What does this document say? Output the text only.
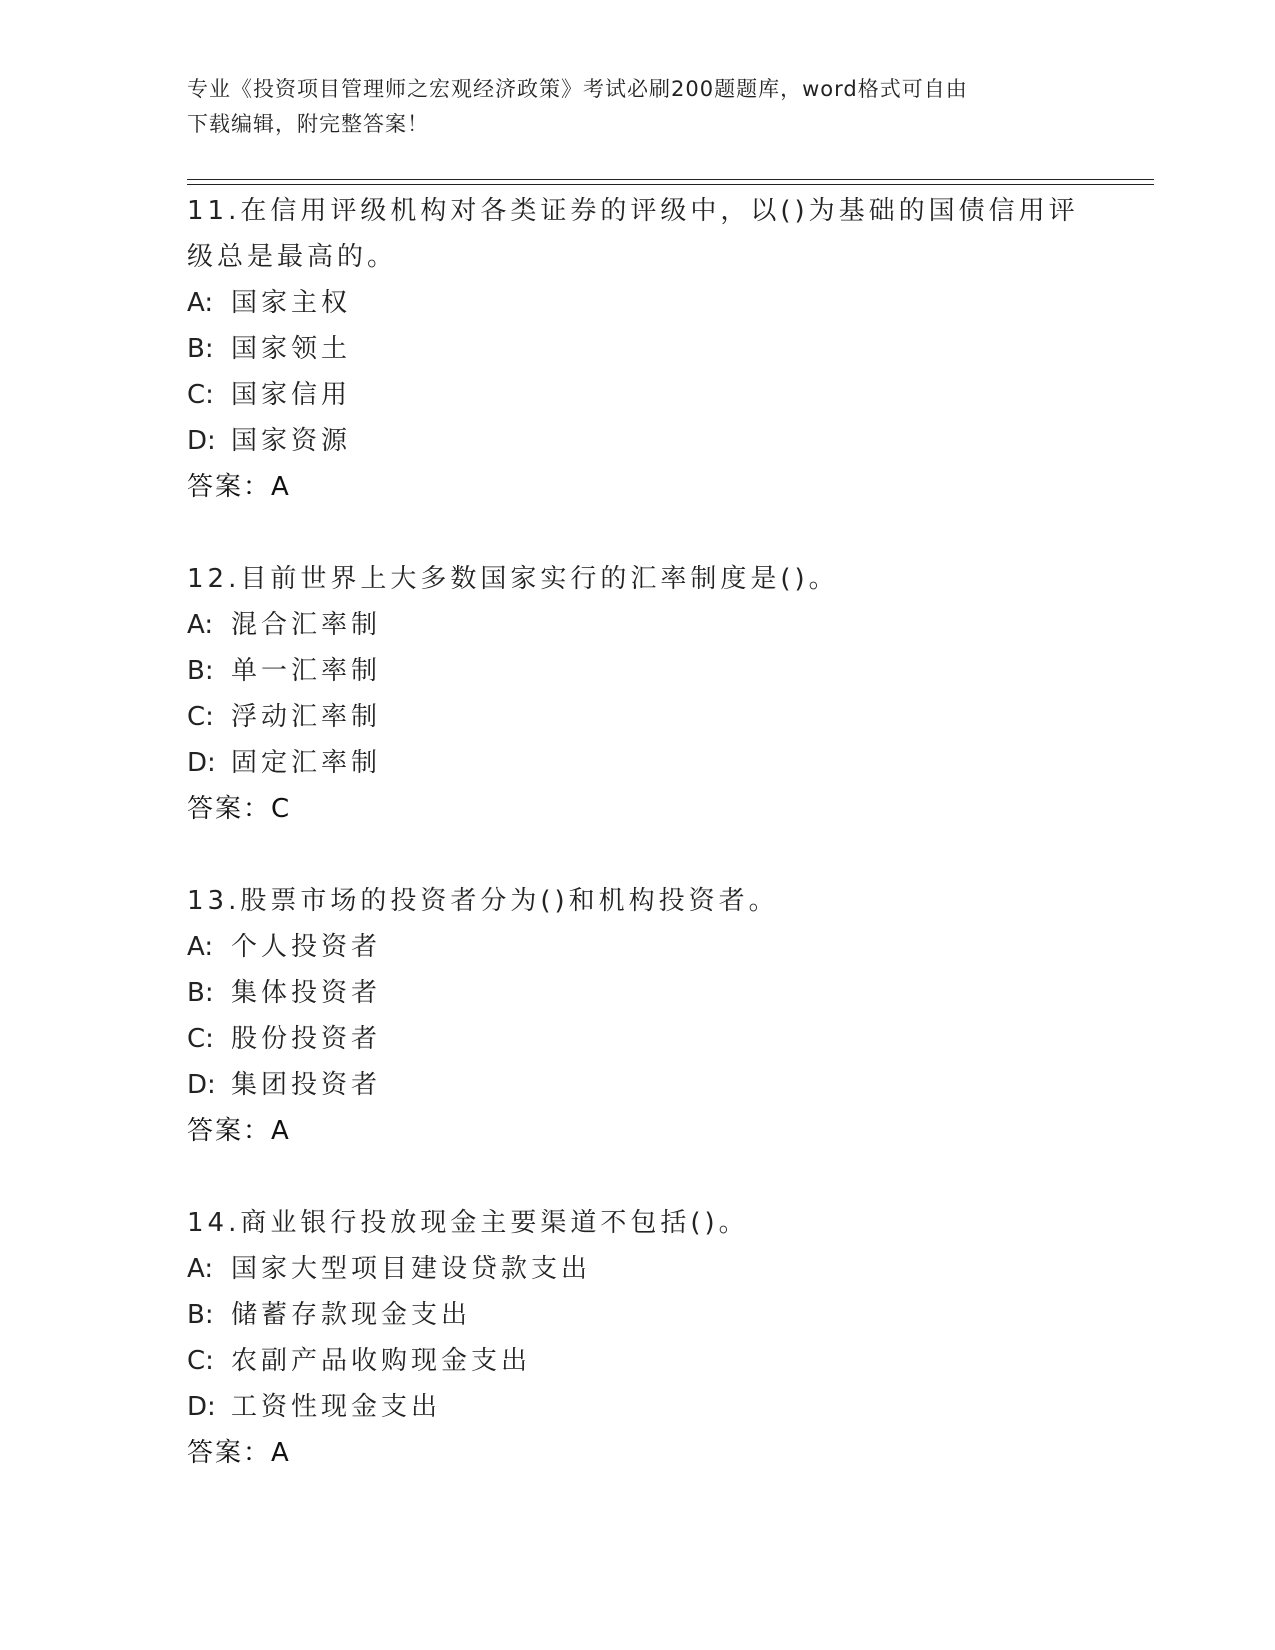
专业《投资项目管理师之宏观经济政策》考试必刷200题题库，word格式可自由
下载编辑，附完整答案！
11.在信用评级机构对各类证券的评级中，以()为基础的国债信用评级总是最高的。
A: 国家主权
B: 国家领土
C: 国家信用
D: 国家资源
答案：A
12.目前世界上大多数国家实行的汇率制度是()。
A: 混合汇率制
B: 单一汇率制
C: 浮动汇率制
D: 固定汇率制
答案：C
13.股票市场的投资者分为()和机构投资者。
A: 个人投资者
B: 集体投资者
C: 股份投资者
D: 集团投资者
答案：A
14.商业银行投放现金主要渠道不包括()。
A: 国家大型项目建设贷款支出
B: 储蓄存款现金支出
C: 农副产品收购现金支出
D: 工资性现金支出
答案：A
